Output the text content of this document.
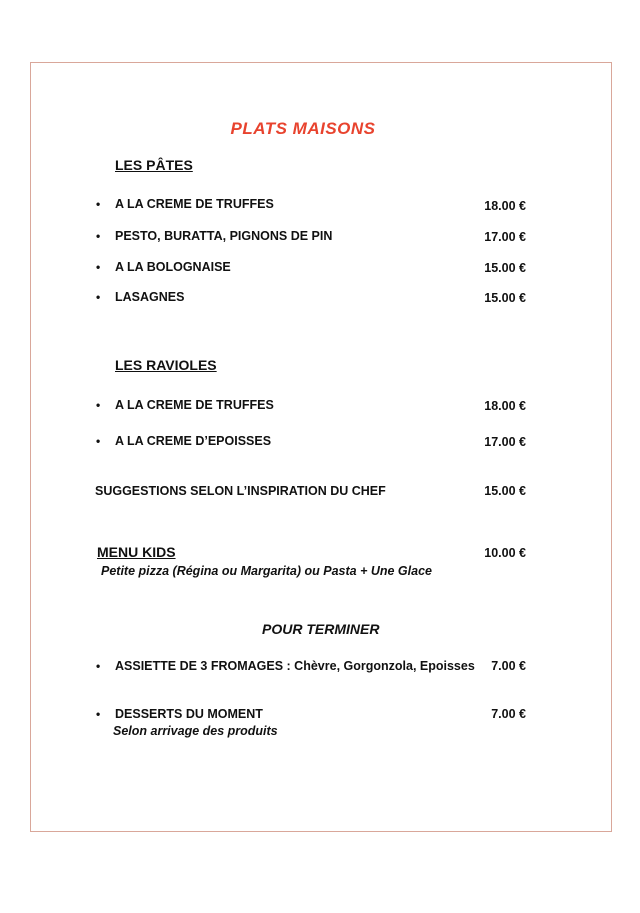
PLATS MAISONS
LES PÂTES
• A LA CREME DE TRUFFES	18.00 €
• PESTO, BURATTA, PIGNONS DE PIN	17.00 €
• A LA BOLOGNAISE	15.00 €
• LASAGNES	15.00 €
LES RAVIOLES
• A LA CREME DE TRUFFES	18.00 €
• A LA CREME D’EPOISSES	17.00 €
SUGGESTIONS SELON L’INSPIRATION DU CHEF	15.00 €
MENU KIDS	10.00 €
Petite pizza (Régina ou Margarita) ou Pasta + Une Glace
POUR TERMINER
• ASSIETTE DE 3 FROMAGES : Chèvre, Gorgonzola, Epoisses	7.00 €
• DESSERTS DU MOMENT	7.00 €
Selon arrivage des produits
